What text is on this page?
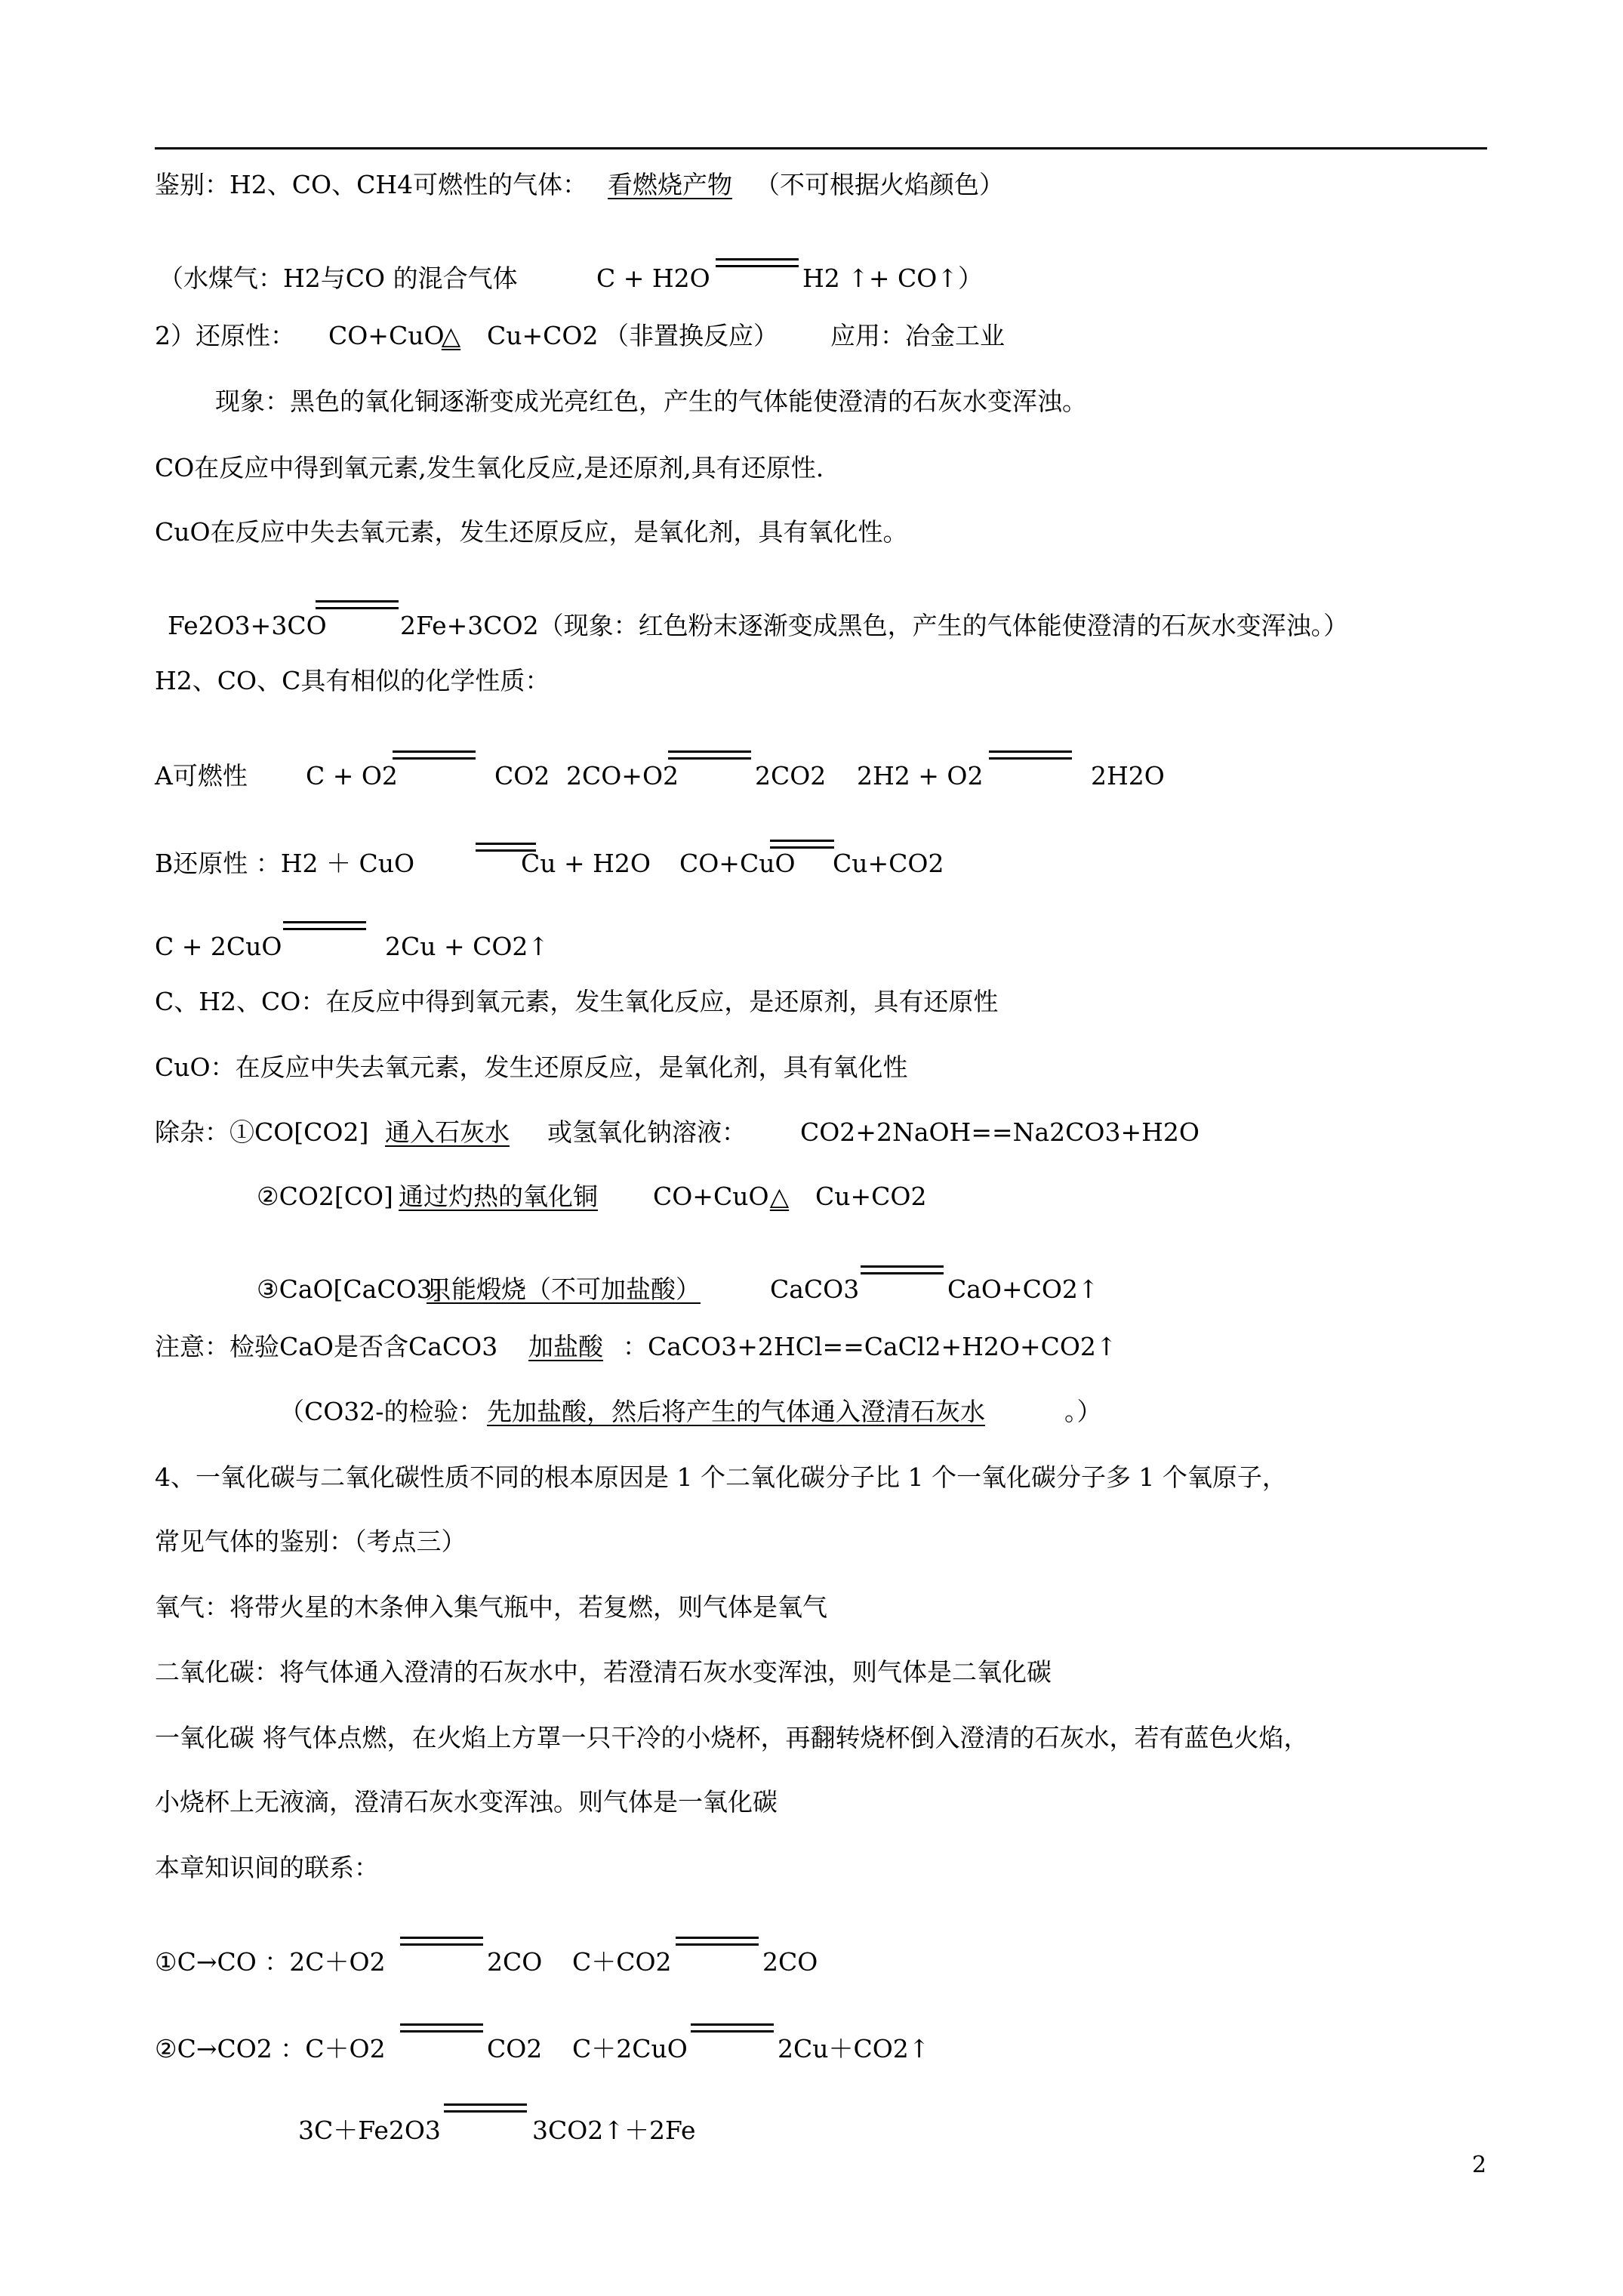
鉴别：H2、CO、CH4可燃性的气体： 看燃烧产物 （不可根据火焰颜色）
（水煤气：H2与CO 的混合气体	C + H2O	H2 ↑+ CO↑）
2）还原性： CO+CuO
△	Cu+CO2 （非置换反应） 应用：冶金工业
现象：黑色的氧化铜逐渐变成光亮红色，产生的气体能使澄清的石灰水变浑浊。
CO在反应中得到氧元素,发生氧化反应,是还原剂,具有还原性.
CuO在反应中失去氧元素，发生还原反应，是氧化剂，具有氧化性。
Fe2O3+3CO	2Fe+3CO2（现象：红色粉末逐渐变成黑色，产生的气体能使澄清的石灰水变浑浊。）
H2、CO、C具有相似的化学性质：
A可燃性 C + O2	CO2 2CO+O2	2CO2 2H2 + O2	2H2O
B还原性 ：H2 ＋ CuO	Cu + H2O CO+CuO Cu+CO2
C + 2CuO	2Cu + CO2↑
C、H2、CO：在反应中得到氧元素，发生氧化反应，是还原剂，具有还原性
CuO：在反应中失去氧元素，发生还原反应，是氧化剂，具有氧化性
除杂：①CO[CO2] 通入石灰水 或氢氧化钠溶液： CO2+2NaOH==Na2CO3+H2O
②CO2[CO] 通过灼热的氧化铜 CO+CuO △	Cu+CO2
③CaO[CaCO3]
只能煅烧（不可加盐酸）	CaCO3	CaO+CO2↑
注意：检验CaO是否含CaCO3 加盐酸 ：CaCO3+2HCl==CaCl2+H2O+CO2↑
（CO32-的检验： 先加盐酸，然后将产生的气体通入澄清石灰水	。）
4、一氧化碳与二氧化碳性质不同的根本原因是 1 个二氧化碳分子比 1 个一氧化碳分子多 1 个氧原子，
常见气体的鉴别：（考点三）
氧气：将带火星的木条伸入集气瓶中，若复燃，则气体是氧气
二氧化碳：将气体通入澄清的石灰水中，若澄清石灰水变浑浊，则气体是二氧化碳
一氧化碳 将气体点燃，在火焰上方罩一只干冷的小烧杯，再翻转烧杯倒入澄清的石灰水，若有蓝色火焰，
小烧杯上无液滴，澄清石灰水变浑浊。则气体是一氧化碳
本章知识间的联系：
①C→CO ：2C＋O2	2CO C＋CO2	2CO
②C→CO2 ：C＋O2	CO2 C＋2CuO	2Cu＋CO2↑
3C＋Fe2O3	3CO2↑＋2Fe
2
